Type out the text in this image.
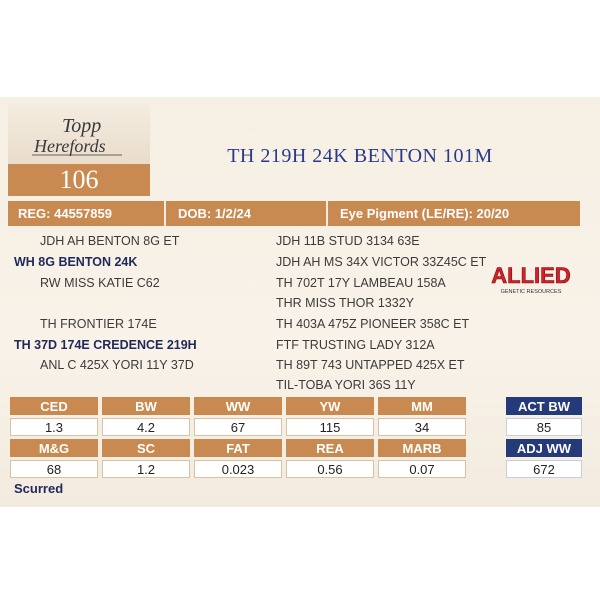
Topp
Herefords
106
TH 219H 24K BENTON 101M
REG: 44557859	DOB: 1/2/24	Eye Pigment (LE/RE): 20/20
JDH AH BENTON 8G ET
WH 8G BENTON 24K
RW MISS KATIE C62
TH FRONTIER 174E
TH 37D 174E CREDENCE 219H
ANL C 425X YORI 11Y 37D
JDH 11B STUD 3134 63E
JDH AH MS 34X VICTOR 33Z45C ET
TH 702T 17Y LAMBEAU 158A
THR MISS THOR 1332Y
TH 403A 475Z PIONEER 358C ET
FTF TRUSTING LADY 312A
TH 89T 743 UNTAPPED 425X ET
TIL-TOBA YORI 36S 11Y
ALLIED
GENETIC RESOURCES
CED	BW	WW	YW	MM
1.3	4.2	67	115	34
M&G	SC	FAT	REA	MARB
68	1.2	0.023	0.56	0.07
ACT BW
85
ADJ WW
672
Scurred
